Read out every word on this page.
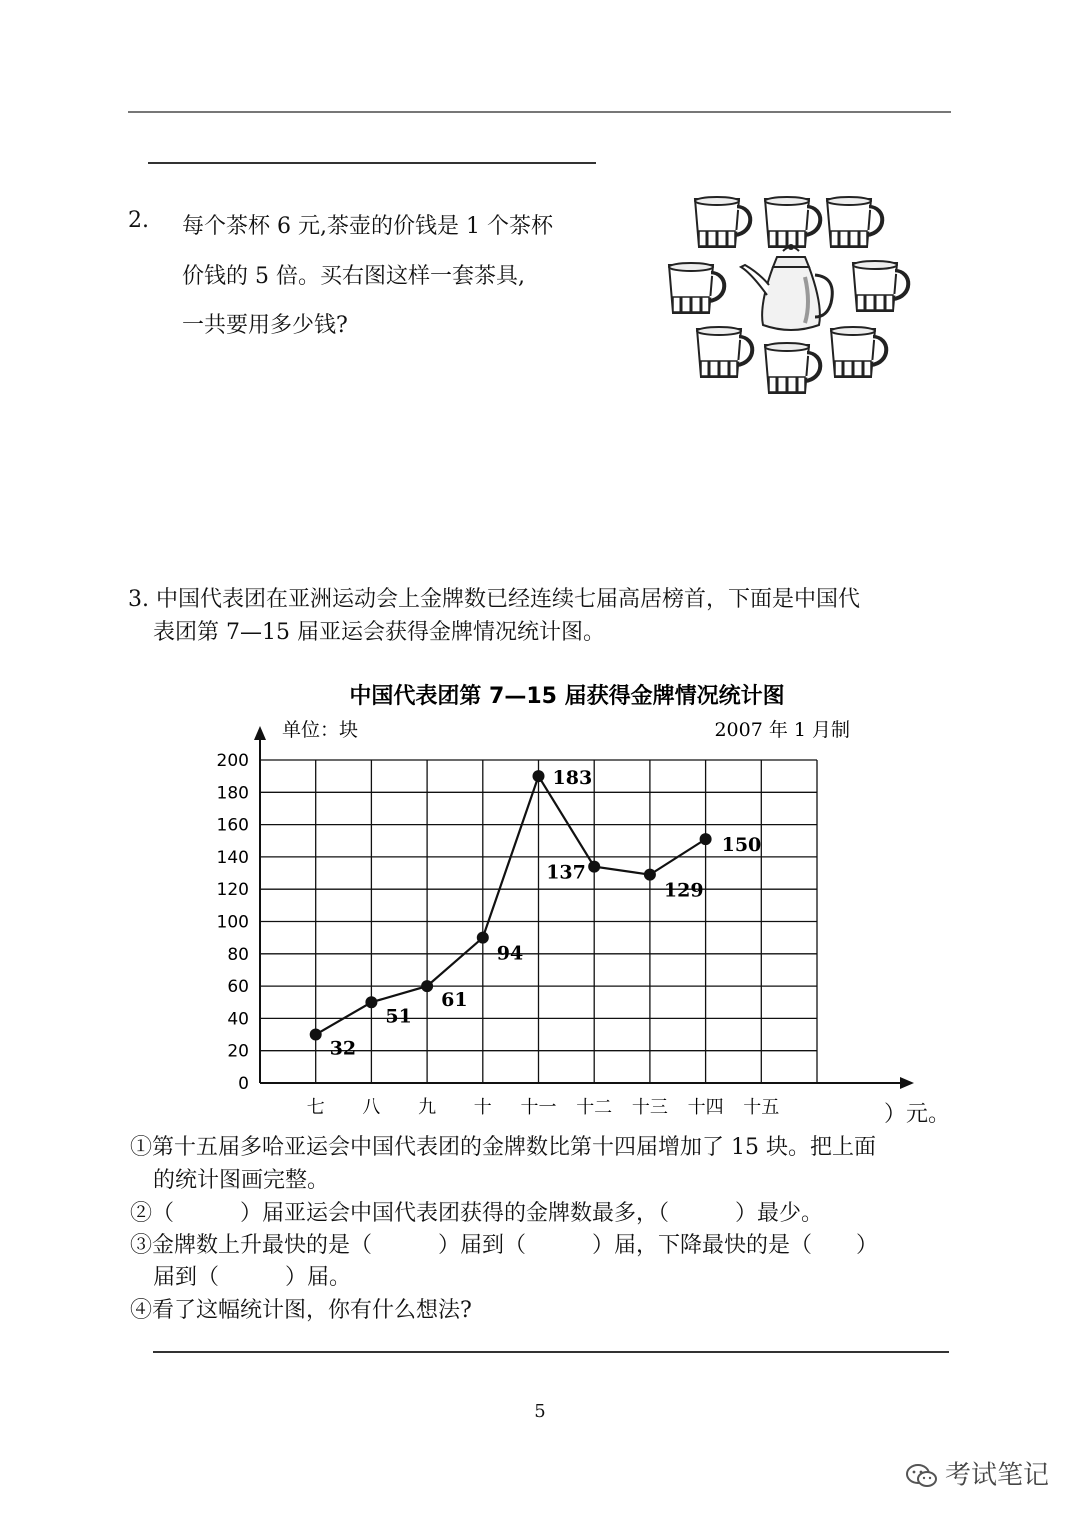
2. 每个茶杯 6 元,茶壶的价钱是 1 个茶杯
价钱的 5 倍。买右图这样一套茶具,
一共要用多少钱?
3. 中国代表团在亚洲运动会上金牌数已经连续七届高居榜首，下面是中国代
表团第 7—15 届亚运会获得金牌情况统计图。
中国代表团第 7—15 届获得金牌情况统计图
单位：块	2007 年 1 月制
0
20
40
60
80
100
120
140
160
180
200
七 八 九 十 十一 十二 十三 十四 十五
32
51
61
94
183
137
129
150
）元。
①第十五届多哈亚运会中国代表团的金牌数比第十四届增加了 15 块。把上面
的统计图画完整。
②（　　　）届亚运会中国代表团获得的金牌数最多，（　　　）最少。
③金牌数上升最快的是（　　　）届到（　　　）届，下降最快的是（　　）
届到（　　　）届。
④看了这幅统计图，你有什么想法?
5
考试笔记
